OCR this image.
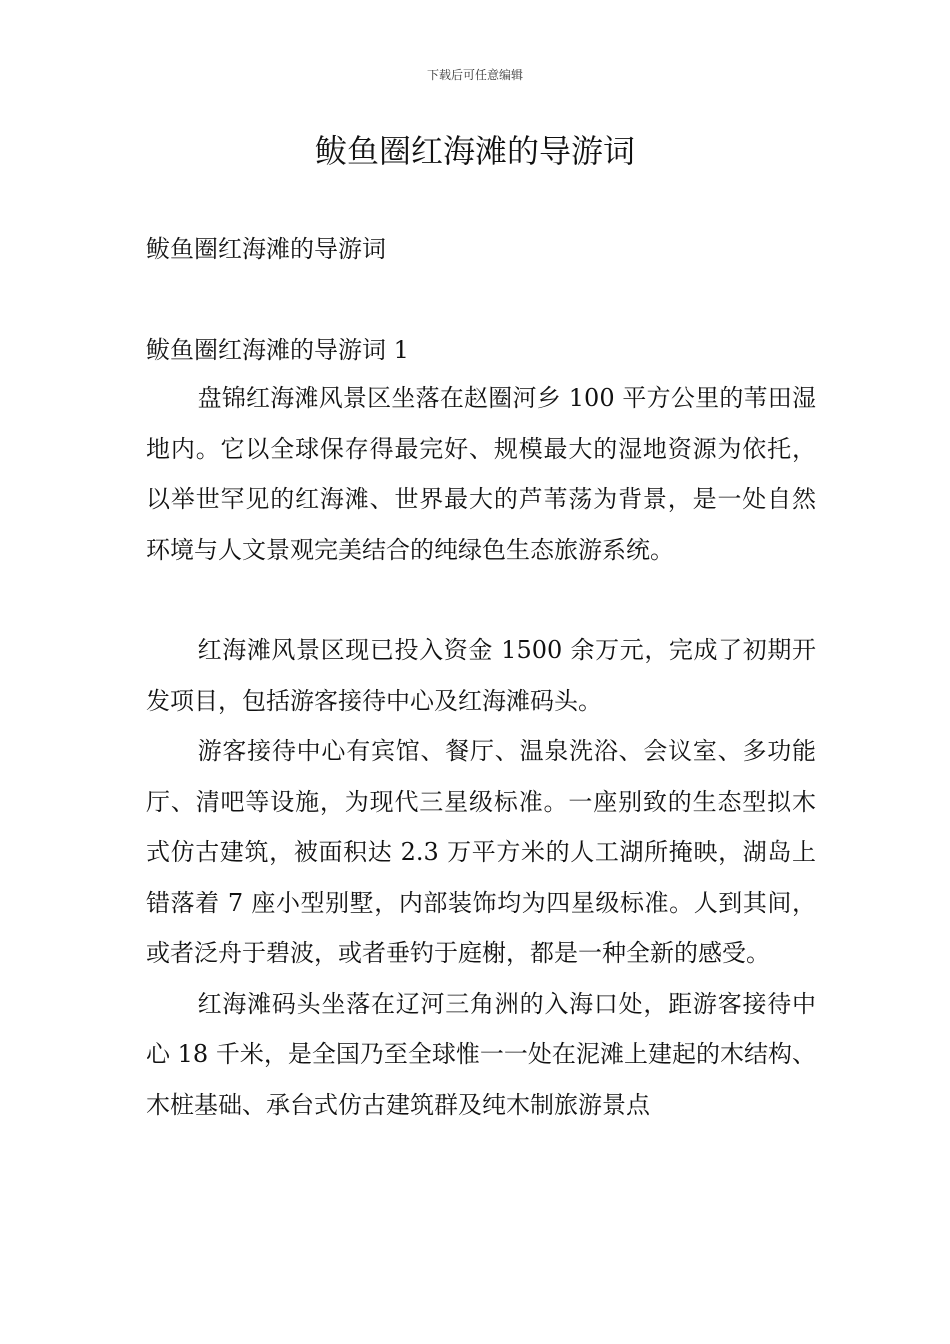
下载后可任意编辑
鲅鱼圈红海滩的导游词
鲅鱼圈红海滩的导游词
鲅鱼圈红海滩的导游词 1

盘锦红海滩风景区坐落在赵圈河乡 100 平方公里的苇田湿地内。它以全球保存得最完好、规模最大的湿地资源为依托，以举世罕见的红海滩、世界最大的芦苇荡为背景，是一处自然环境与人文景观完美结合的纯绿色生态旅游系统。

红海滩风景区现已投入资金 1500 余万元，完成了初期开发项目，包括游客接待中心及红海滩码头。

游客接待中心有宾馆、餐厅、温泉洗浴、会议室、多功能厅、清吧等设施，为现代三星级标准。一座别致的生态型拟木式仿古建筑，被面积达 2.3 万平方米的人工湖所掩映，湖岛上错落着 7 座小型别墅，内部装饰均为四星级标准。人到其间，或者泛舟于碧波，或者垂钓于庭榭，都是一种全新的感受。

红海滩码头坐落在辽河三角洲的入海口处，距游客接待中心 18 千米，是全国乃至全球惟一一处在泥滩上建起的木结构、木桩基础、承台式仿古建筑群及纯木制旅游景点
